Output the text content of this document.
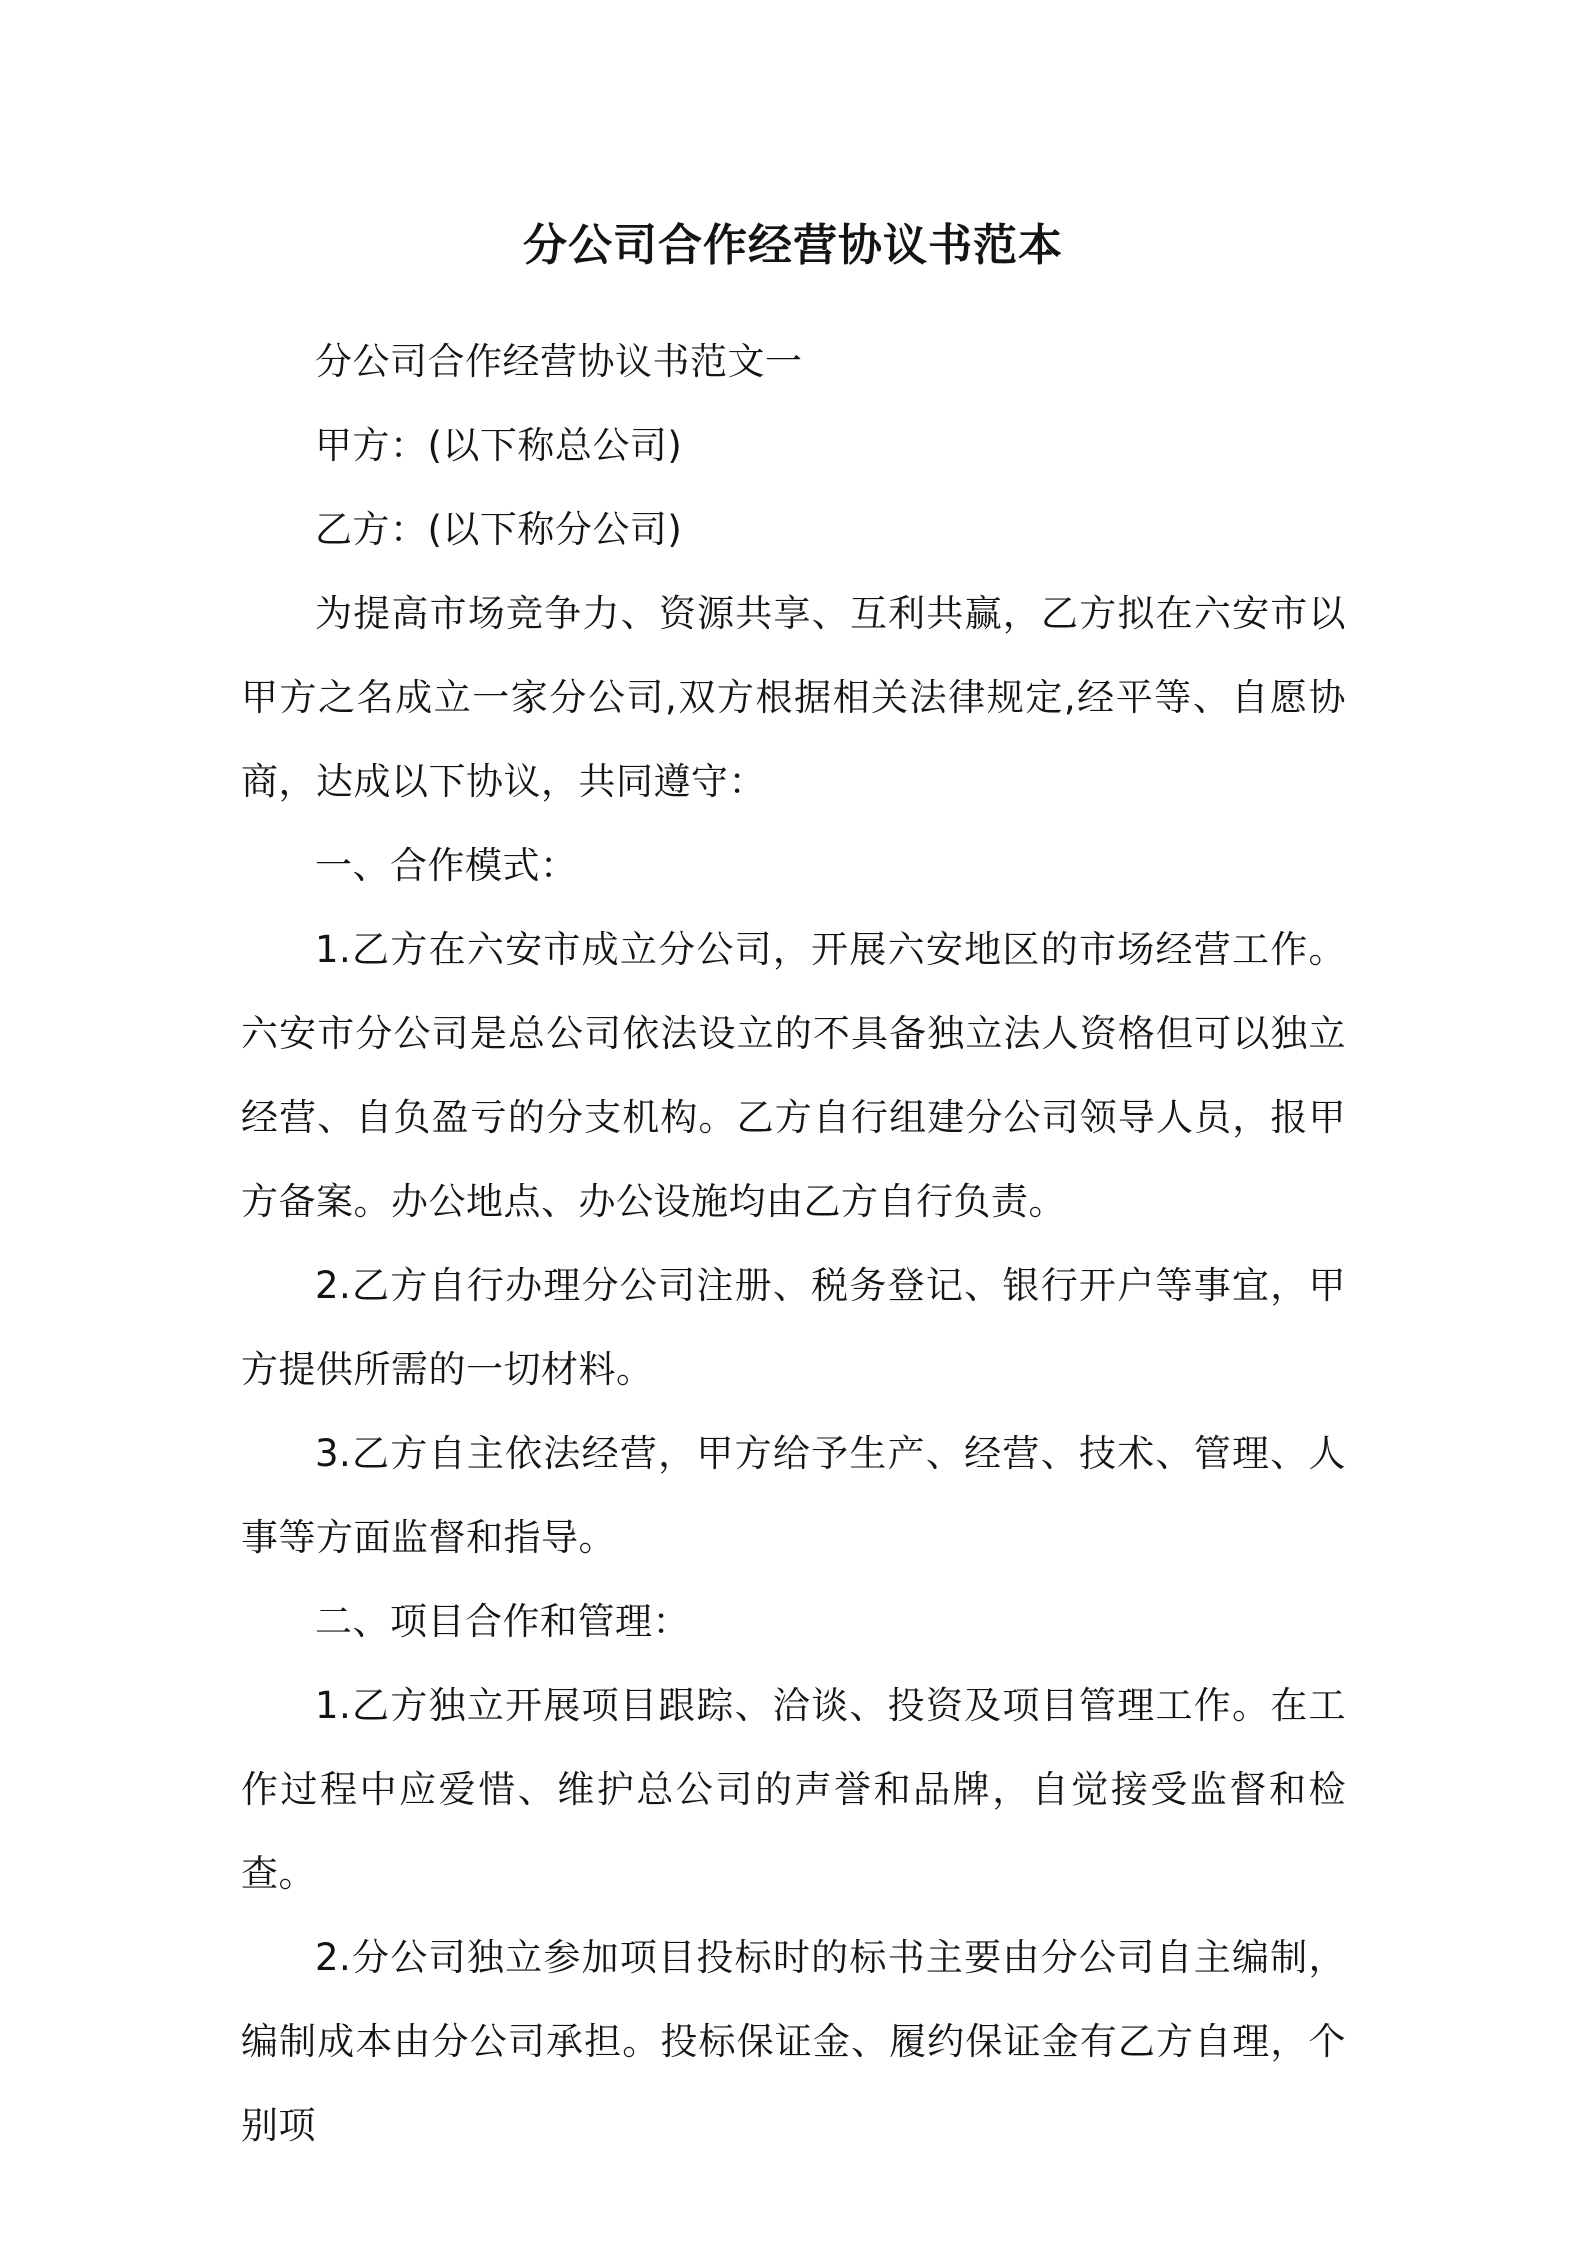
分公司合作经营协议书范本

分公司合作经营协议书范文一

甲方：(以下称总公司)

乙方：(以下称分公司)

为提高市场竞争力、资源共享、互利共赢，乙方拟在六安市以甲方之名成立一家分公司,双方根据相关法律规定,经平等、自愿协商，达成以下协议，共同遵守：

一、合作模式：

1.乙方在六安市成立分公司，开展六安地区的市场经营工作。六安市分公司是总公司依法设立的不具备独立法人资格但可以独立经营、自负盈亏的分支机构。乙方自行组建分公司领导人员，报甲方备案。办公地点、办公设施均由乙方自行负责。

2.乙方自行办理分公司注册、税务登记、银行开户等事宜，甲方提供所需的一切材料。

3.乙方自主依法经营，甲方给予生产、经营、技术、管理、人事等方面监督和指导。

二、项目合作和管理：

1.乙方独立开展项目跟踪、洽谈、投资及项目管理工作。在工作过程中应爱惜、维护总公司的声誉和品牌，自觉接受监督和检查。

2.分公司独立参加项目投标时的标书主要由分公司自主编制，编制成本由分公司承担。投标保证金、履约保证金有乙方自理，个别项
